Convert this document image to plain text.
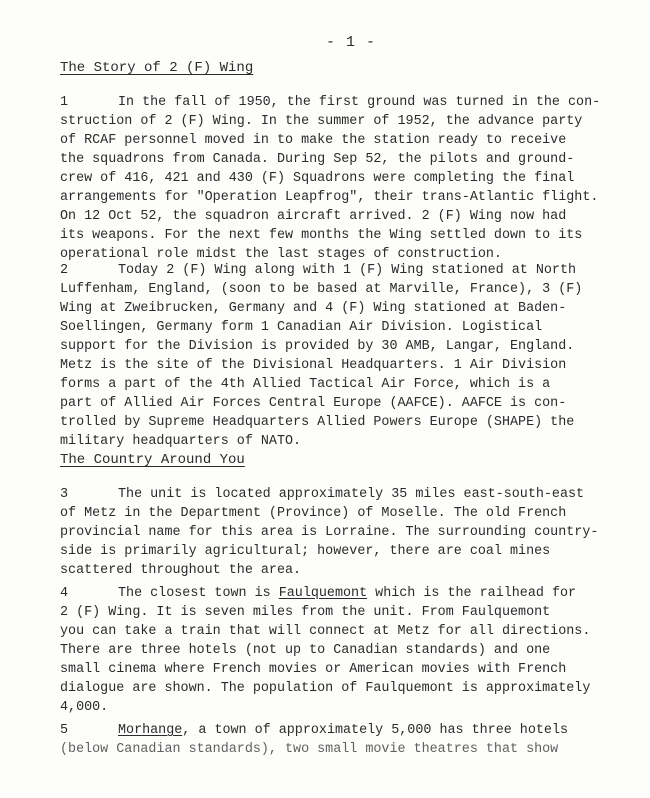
- 1 -
The Story of 2 (F) Wing
1	In the fall of 1950, the first ground was turned in the con-
struction of 2 (F) Wing. In the summer of 1952, the advance party
of RCAF personnel moved in to make the station ready to receive
the squadrons from Canada. During Sep 52, the pilots and ground-
crew of 416, 421 and 430 (F) Squadrons were completing the final
arrangements for "Operation Leapfrog", their trans-Atlantic flight.
On 12 Oct 52, the squadron aircraft arrived. 2 (F) Wing now had
its weapons. For the next few months the Wing settled down to its
operational role midst the last stages of construction.
2	Today 2 (F) Wing along with 1 (F) Wing stationed at North
Luffenham, England, (soon to be based at Marville, France), 3 (F)
Wing at Zweibrucken, Germany and 4 (F) Wing stationed at Baden-
Soellingen, Germany form 1 Canadian Air Division. Logistical
support for the Division is provided by 30 AMB, Langar, England.
Metz is the site of the Divisional Headquarters. 1 Air Division
forms a part of the 4th Allied Tactical Air Force, which is a
part of Allied Air Forces Central Europe (AAFCE). AAFCE is con-
trolled by Supreme Headquarters Allied Powers Europe (SHAPE) the
military headquarters of NATO.
The Country Around You
3	The unit is located approximately 35 miles east-south-east
of Metz in the Department (Province) of Moselle. The old French
provincial name for this area is Lorraine. The surrounding country-
side is primarily agricultural; however, there are coal mines
scattered throughout the area.
4	The closest town is Faulquemont which is the railhead for
2 (F) Wing. It is seven miles from the unit. From Faulquemont
you can take a train that will connect at Metz for all directions.
There are three hotels (not up to Canadian standards) and one
small cinema where French movies or American movies with French
dialogue are shown. The population of Faulquemont is approximately
4,000.
5	Morhange, a town of approximately 5,000 has three hotels
(below Canadian standards), two small movie theatres that show
